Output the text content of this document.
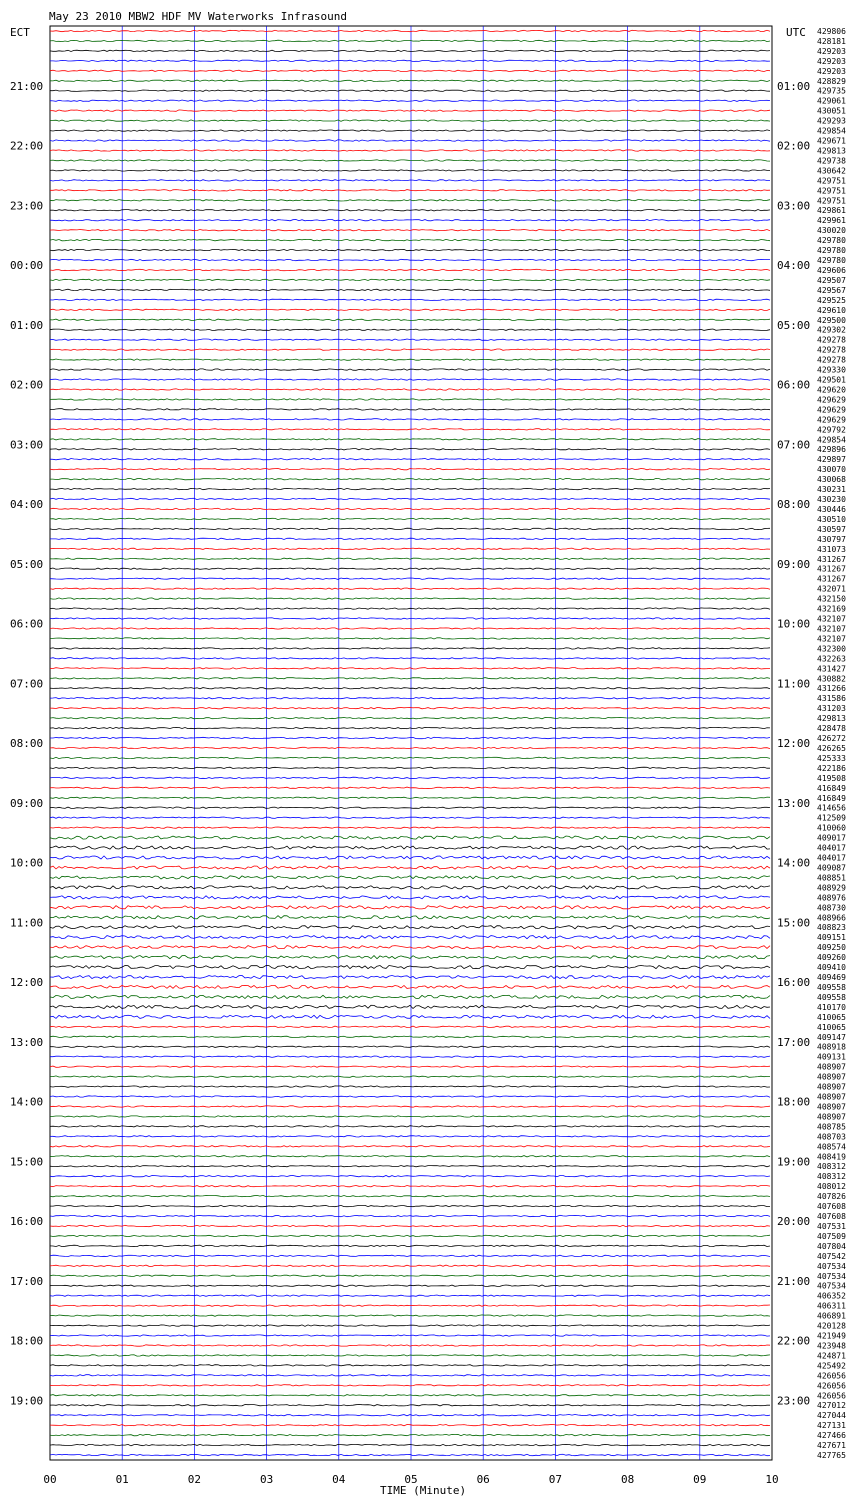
May 23 2010 MBW2 HDF MV Waterworks Infrasound
ECT	UTC
21:00
22:00
23:00
00:00
01:00
02:00
03:00
04:00
05:00
06:00
07:00
08:00
09:00
10:00
11:00
12:00
13:00
14:00
15:00
16:00
17:00
18:00
19:00
01:00
02:00
03:00
04:00
05:00
06:00
07:00
08:00
09:00
10:00
11:00
12:00
13:00
14:00
15:00
16:00
17:00
18:00
19:00
20:00
21:00
22:00
23:00
429806
428181
429203
429203
429203
428829
429735
429061
430051
429293
429854
429671
429813
429738
430642
429751
429751
429751
429861
429961
430020
429780
429780
429780
429606
429507
429567
429525
429610
429500
429302
429278
429278
429278
429330
429501
429620
429629
429629
429629
429792
429854
429896
429897
430070
430068
430231
430230
430446
430510
430597
430797
431073
431267
431267
431267
432071
432150
432169
432107
432107
432107
432300
432263
431427
430882
431266
431586
431203
429813
428478
426272
426265
425333
422186
419508
416849
416849
414656
412509
410060
409017
404017
404017
409087
408851
408929
408976
408730
408966
408823
409151
409250
409260
409410
409469
409558
409558
410170
410065
410065
409147
408918
409131
408907
408907
408907
408907
408907
408907
408785
408703
408574
408419
408312
408312
408012
407826
407608
407608
407531
407509
407804
407542
407534
407534
407534
406352
406311
406891
420128
421949
423948
424871
425492
426056
426056
426056
427012
427044
427131
427466
427671
427765
00	01	02	03	04	05	06	07	08	09	10
TIME (Minute)
